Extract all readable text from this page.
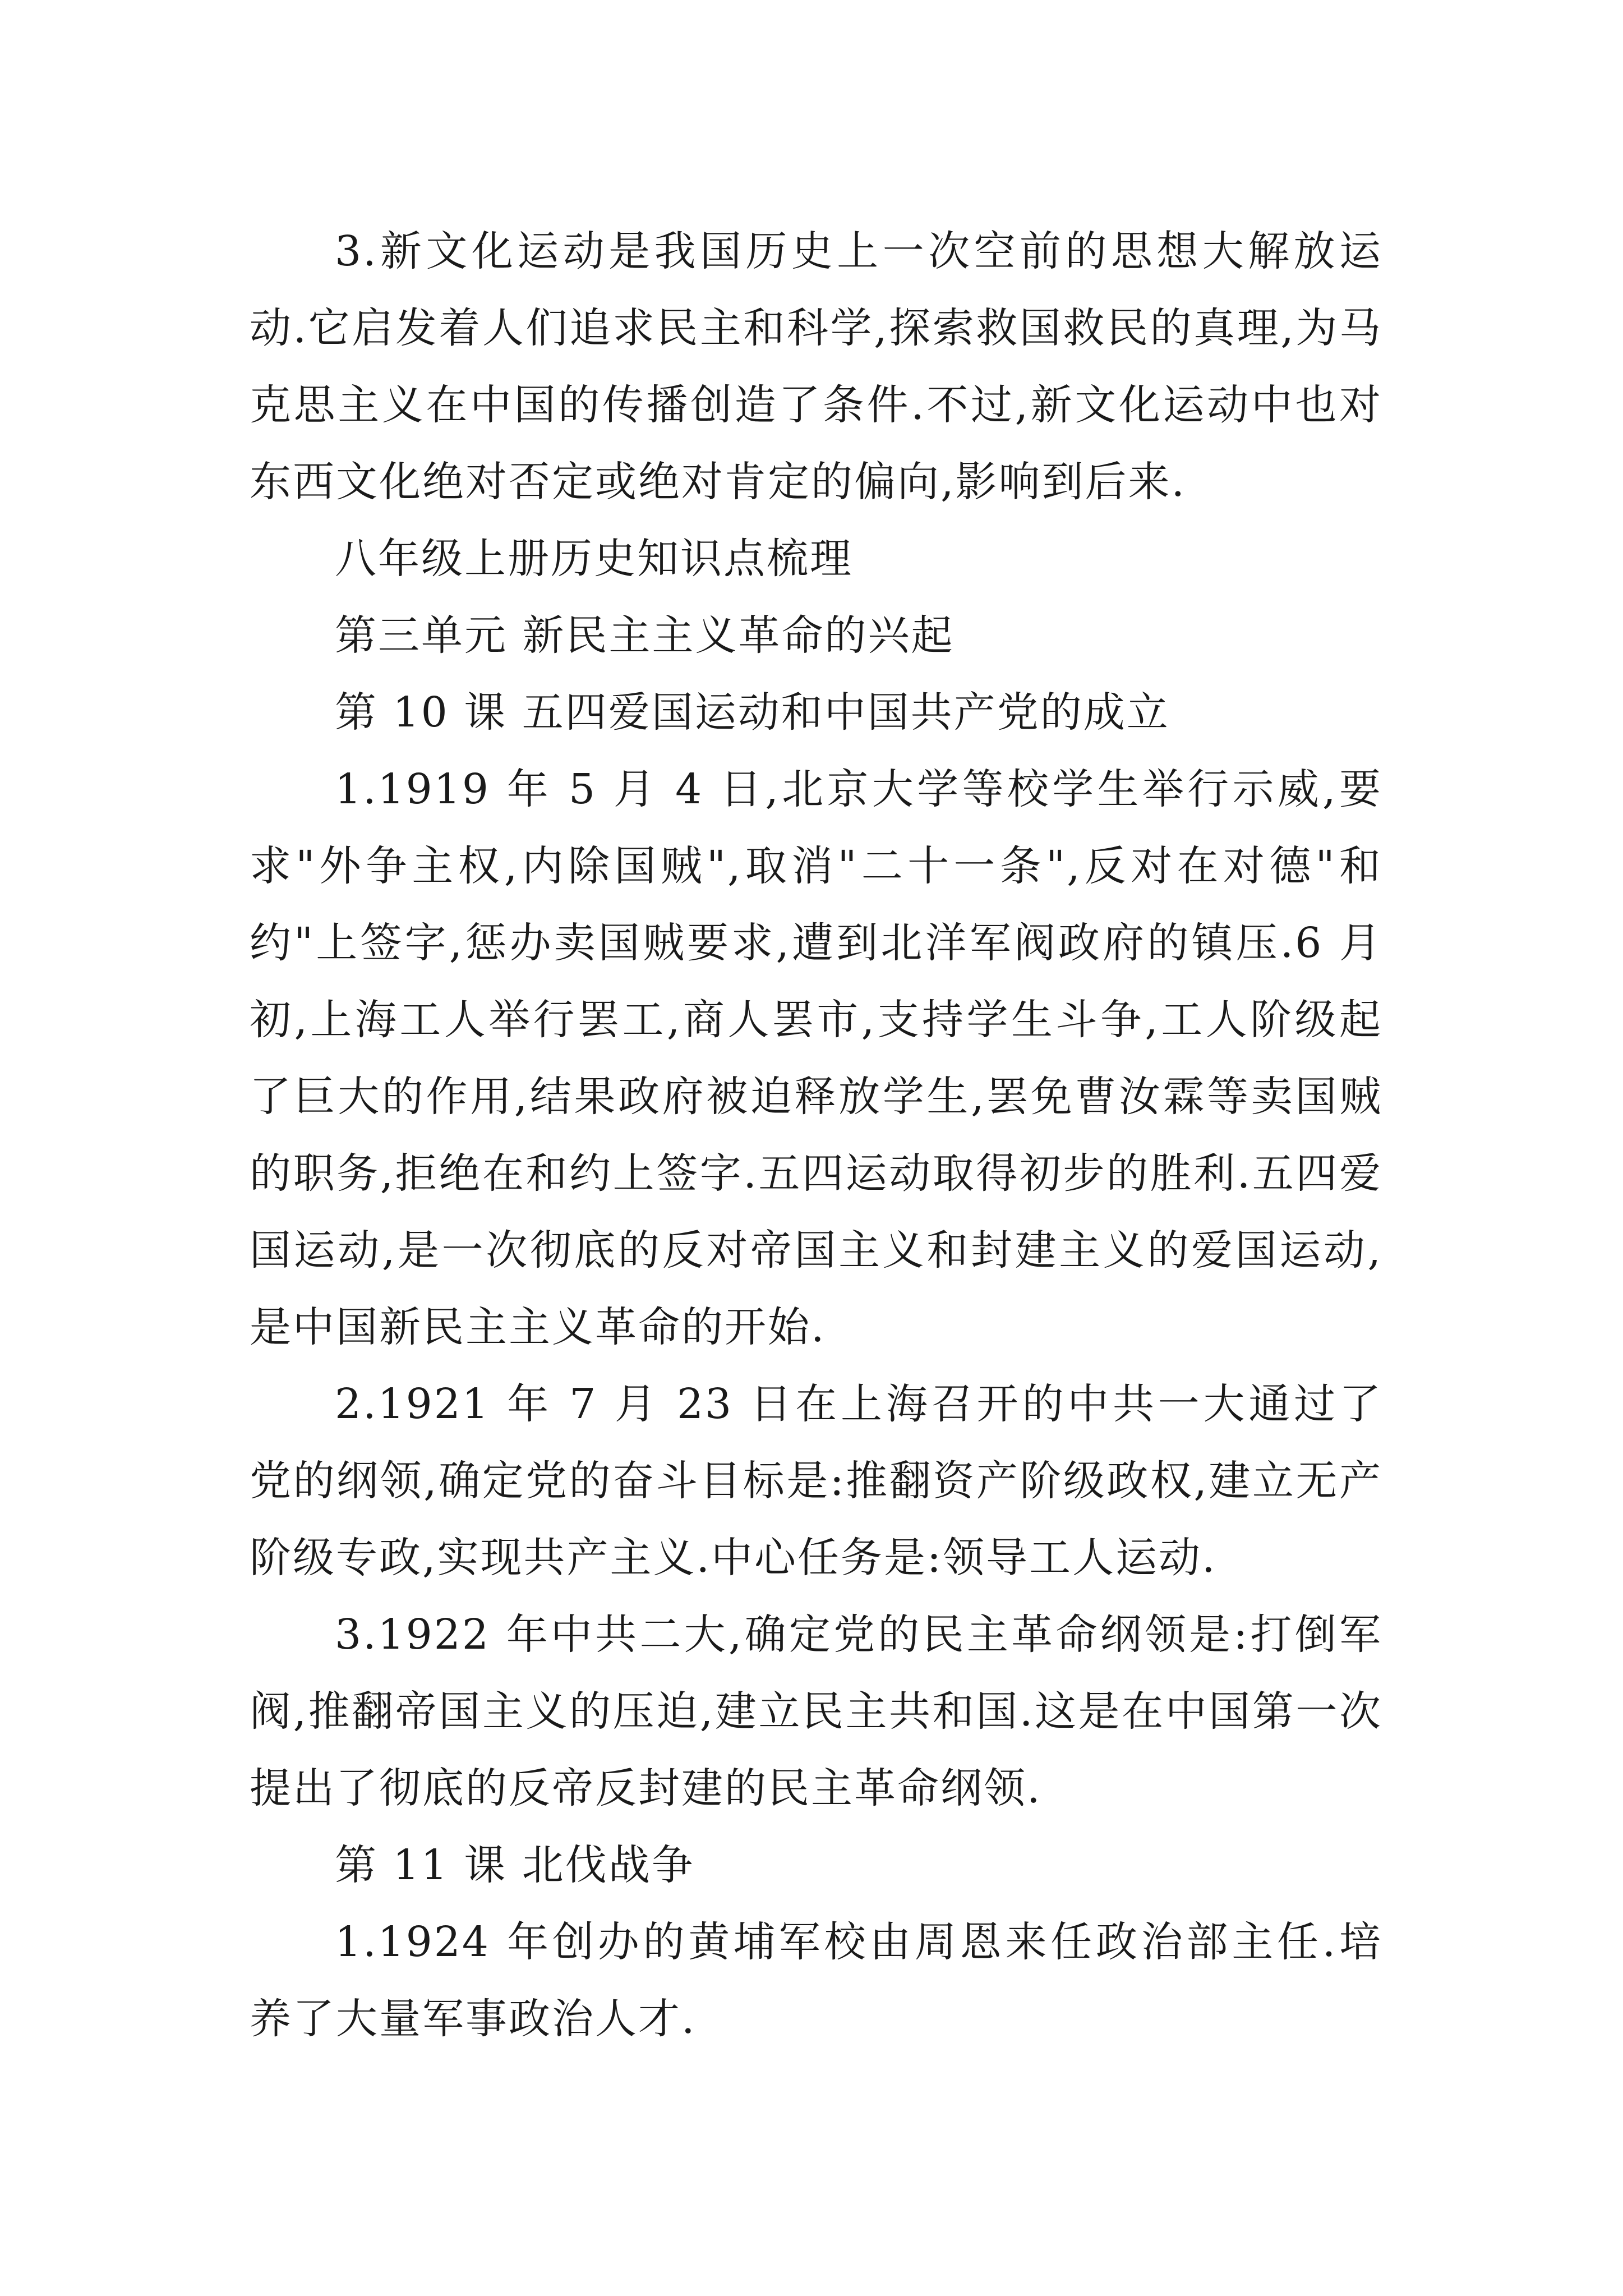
3.新文化运动是我国历史上一次空前的思想大解放运动.它启发着人们追求民主和科学,探索救国救民的真理,为马克思主义在中国的传播创造了条件.不过,新文化运动中也对东西文化绝对否定或绝对肯定的偏向,影响到后来.

八年级上册历史知识点梳理

第三单元 新民主主义革命的兴起

第 10 课 五四爱国运动和中国共产党的成立

1.1919 年 5 月 4 日,北京大学等校学生举行示威,要求"外争主权,内除国贼",取消"二十一条",反对在对德"和约"上签字,惩办卖国贼要求,遭到北洋军阀政府的镇压.6 月初,上海工人举行罢工,商人罢市,支持学生斗争,工人阶级起了巨大的作用,结果政府被迫释放学生,罢免曹汝霖等卖国贼的职务,拒绝在和约上签字.五四运动取得初步的胜利.五四爱国运动,是一次彻底的反对帝国主义和封建主义的爱国运动,是中国新民主主义革命的开始.

2.1921 年 7 月 23 日在上海召开的中共一大通过了党的纲领,确定党的奋斗目标是:推翻资产阶级政权,建立无产阶级专政,实现共产主义.中心任务是:领导工人运动.

3.1922 年中共二大,确定党的民主革命纲领是:打倒军阀,推翻帝国主义的压迫,建立民主共和国.这是在中国第一次提出了彻底的反帝反封建的民主革命纲领.

第 11 课 北伐战争

1.1924 年创办的黄埔军校由周恩来任政治部主任.培养了大量军事政治人才.
